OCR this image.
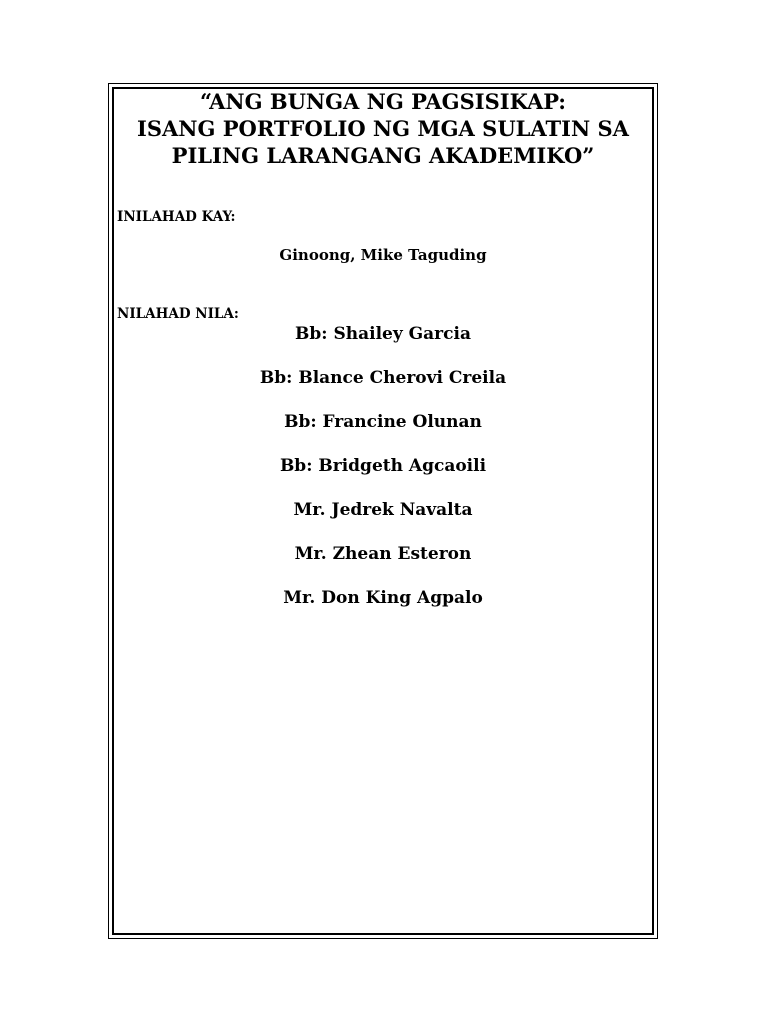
“ANG BUNGA NG PAGSISIKAP:
ISANG PORTFOLIO NG MGA SULATIN SA
PILING LARANGANG AKADEMIKO”
INILAHAD KAY:
Ginoong, Mike Taguding
NILAHAD NILA:
Bb: Shailey Garcia
Bb: Blance Cherovi Creila
Bb: Francine Olunan
Bb: Bridgeth Agcaoili
Mr. Jedrek Navalta
Mr. Zhean Esteron
Mr. Don King Agpalo
